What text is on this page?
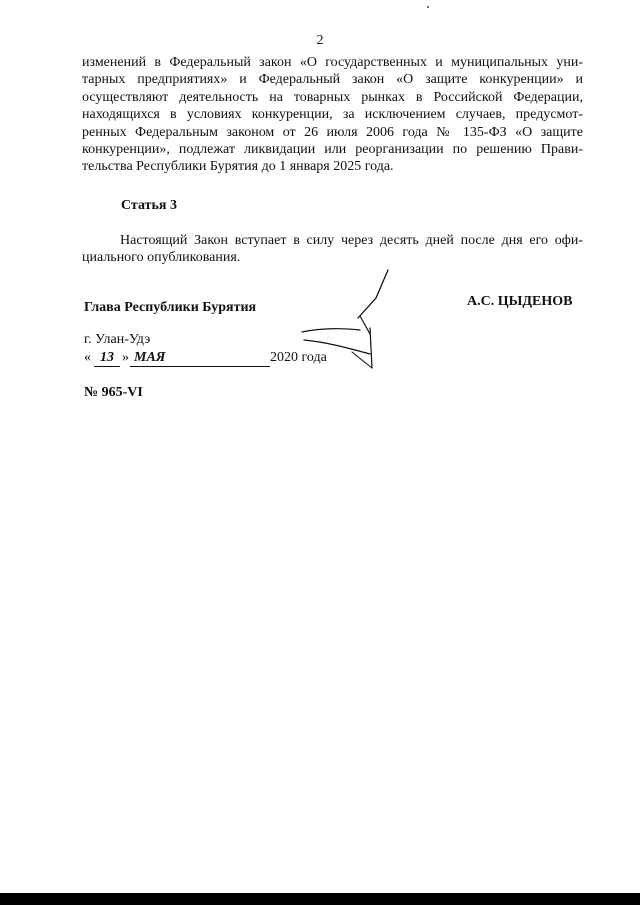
2
изменений в Федеральный закон «О государственных и муниципальных уни-
тарных предприятиях» и Федеральный закон «О защите конкуренции» и
осуществляют деятельность на товарных рынках в Российской Федерации,
находящихся в условиях конкуренции, за исключением случаев, предусмот-
ренных Федеральным законом от 26 июля 2006 года № 135-ФЗ «О защите
конкуренции», подлежат ликвидации или реорганизации по решению Прави-
тельства Республики Бурятия до 1 января 2025 года.
Статья 3
Настоящий Закон вступает в силу через десять дней после дня его офи-
циального опубликования.
Глава Республики Бурятия	А.С. ЦЫДЕНОВ
г. Улан-Удэ
« 13 » МАЯ	2020 года
№ 965-VI
